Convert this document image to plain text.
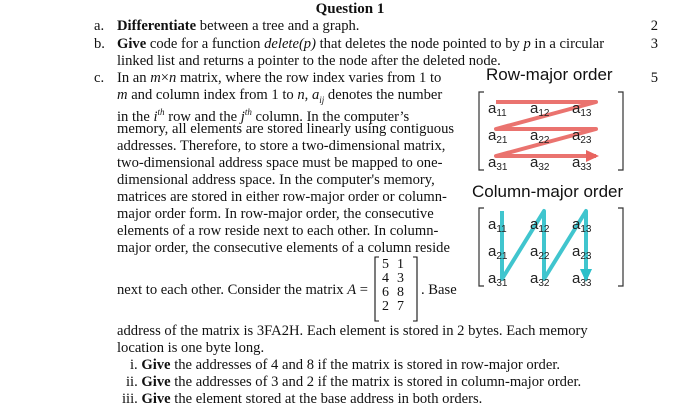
Question 1
a. Differentiate between a tree and a graph.	2
b. Give code for a function delete(p) that deletes the node pointed to by p in a circular
linked list and returns a pointer to the node after the deleted node.
3
c.	5
In an m×n matrix, where the row index varies from 1 to
m and column index from 1 to n, $a_{ij}$ denotes the number
in the $i^{th}$ row and the $j^{th}$ column. In the computer’s
memory, all elements are stored linearly using contiguous
addresses. Therefore, to store a two-dimensional matrix,
two-dimensional address space must be mapped to one-
dimensional address space. In the computer's memory,
matrices are stored in either row-major order or column-
major order form. In row-major order, the consecutive
elements of a row reside next to each other. In column-
major order, the consecutive elements of a column reside
next to each other. Consider the matrix A =
5	1
4	3
6	8
2	7
. Base
address of the matrix is 3FA2H. Each element is stored in 2 bytes. Each memory
location is one byte long.
i. Give the addresses of 4 and 8 if the matrix is stored in row-major order.
ii. Give the addresses of 3 and 2 if the matrix is stored in column-major order.
iii. Give the element stored at the base address in both orders.
Row-major order
Column-major order
$a_{11}$ $a_{12}$ $a_{13}$
$a_{21}$ $a_{22}$ $a_{23}$
$a_{31}$ $a_{32}$ $a_{33}$
$a_{11}$ $a_{12}$ $a_{13}$
$a_{21}$ $a_{22}$ $a_{23}$
$a_{31}$ $a_{32}$ $a_{33}$
